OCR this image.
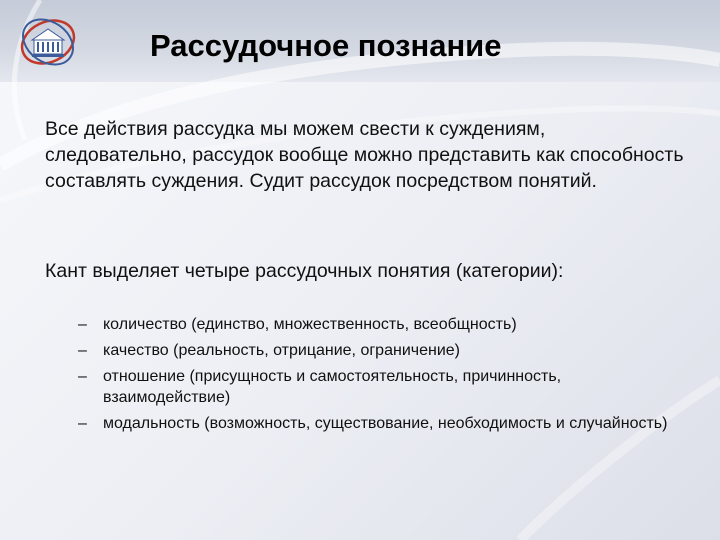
Рассудочное познание
Все действия рассудка мы можем свести к суждениям, следовательно, рассудок вообще можно представить как способность составлять суждения. Судит рассудок посредством понятий.
Кант выделяет четыре рассудочных понятия (категории):
– количество (единство, множественность, всеобщность)
– качество (реальность, отрицание, ограничение)
– отношение (присущность и самостоятельность, причинность, взаимодействие)
– модальность (возможность, существование, необходимость и случайность)
